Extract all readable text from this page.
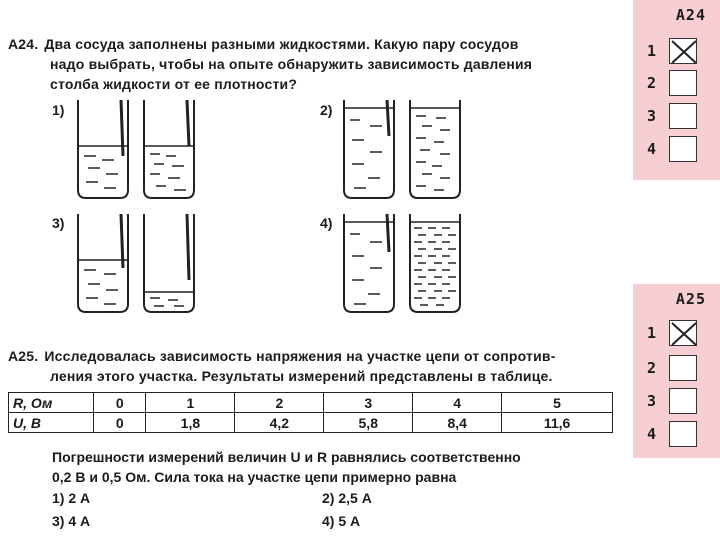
А24. Два сосуда заполнены разными жидкостями. Какую пару сосудов
надо выбрать, чтобы на опыте обнаружить зависимость давления
столба жидкости от ее плотности?
1)	2)
3)	4)
А25. Исследовалась зависимость напряжения на участке цепи от сопротив-
ления этого участка. Результаты измерений представлены в таблице.
R, Ом	0	1	2	3	4	5
U, В	0	1,8	4,2	5,8	8,4	11,6
Погрешности измерений величин U и R равнялись соответственно
0,2 В и 0,5 Ом. Сила тока на участке цепи примерно равна
1) 2 А	2) 2,5 А
3) 4 А	4) 5 А
А24
1
2
3
4
А25
1
2
3
4
